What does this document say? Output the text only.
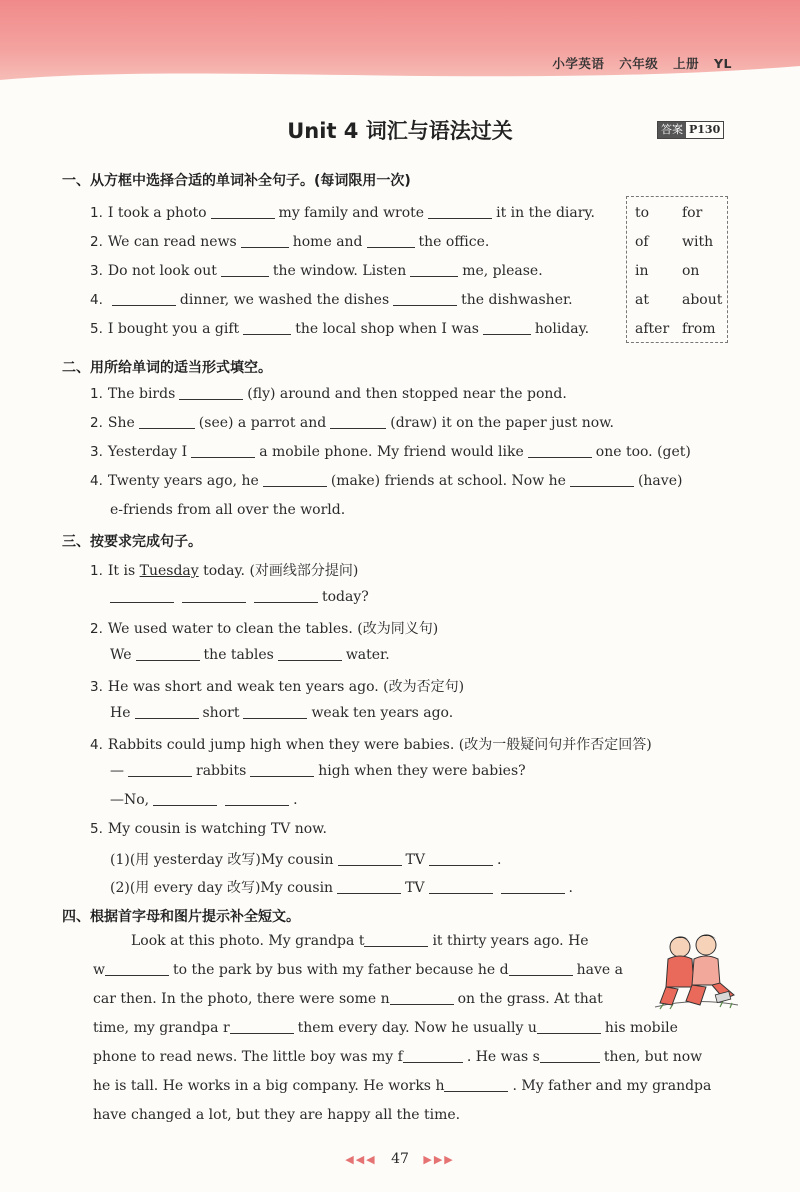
小学英语 六年级 上册 YL
Unit 4 词汇与语法过关	答案 P130
一、从方框中选择合适的单词补全句子。(每词限用一次)
1. I took a photo	my family and wrote	it in the diary.
2. We can read news	home and	the office.
3. Do not look out	the window. Listen	me, please.
4.	dinner, we washed the dishes	the dishwasher.
5. I bought you a gift	the local shop when I was	holiday.
to for
of with
in on
at about
after from
二、用所给单词的适当形式填空。
1. The birds	(fly) around and then stopped near the pond.
2. She	(see) a parrot and	(draw) it on the paper just now.
3. Yesterday I	a mobile phone. My friend would like	one too. (get)
4. Twenty years ago, he	(make) friends at school. Now he	(have)
e-friends from all over the world.
三、按要求完成句子。
1. It is Tuesday today. (对画线部分提问)
today?
2. We used water to clean the tables. (改为同义句)
We	the tables	water.
3. He was short and weak ten years ago. (改为否定句)
He	short	weak ten years ago.
4. Rabbits could jump high when they were babies. (改为一般疑问句并作否定回答)
—	rabbits	high when they were babies?
—No,	.
5. My cousin is watching TV now.
(1)(用 yesterday 改写)My cousin	TV	.
(2)(用 every day 改写)My cousin	TV	.
四、根据首字母和图片提示补全短文。
Look at this photo. My grandpa t	it thirty years ago. He
w	to the park by bus with my father because he d	have a
car then. In the photo, there were some n	on the grass. At that
time, my grandpa r	them every day. Now he usually u	his mobile
phone to read news. The little boy was my f	. He was s	then, but now
he is tall. He works in a big company. He works h	. My father and my grandpa
have changed a lot, but they are happy all the time.
◀◀◀ 47 ▶▶▶
